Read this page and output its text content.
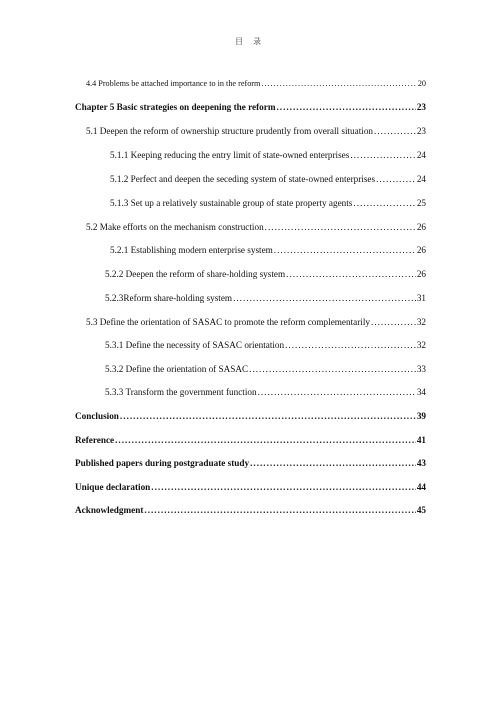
目 录
4.4 Problems be attached importance to in the reform .....	20
Chapter 5 Basic strategies on deepening the reform .....	23
5.1 Deepen the reform of ownership structure prudently from overall situation .....	23
5.1.1 Keeping reducing the entry limit of state-owned enterprises .....	24
5.1.2 Perfect and deepen the seceding system of state-owned enterprises .....	24
5.1.3 Set up a relatively sustainable group of state property agents .....	25
5.2 Make efforts on the mechanism construction .....	26
5.2.1 Establishing modern enterprise system .....	26
5.2.2 Deepen the reform of share-holding system .....	26
5.2.3Reform share-holding system .....	31
5.3 Define the orientation of SASAC to promote the reform complementarily .....	32
5.3.1 Define the necessity of SASAC orientation .....	32
5.3.2 Define the orientation of SASAC .....	33
5.3.3 Transform the government function .....	34
Conclusion .....	39
Reference .....	41
Published papers during postgraduate study .....	43
Unique declaration .....	44
Acknowledgment .....	45
